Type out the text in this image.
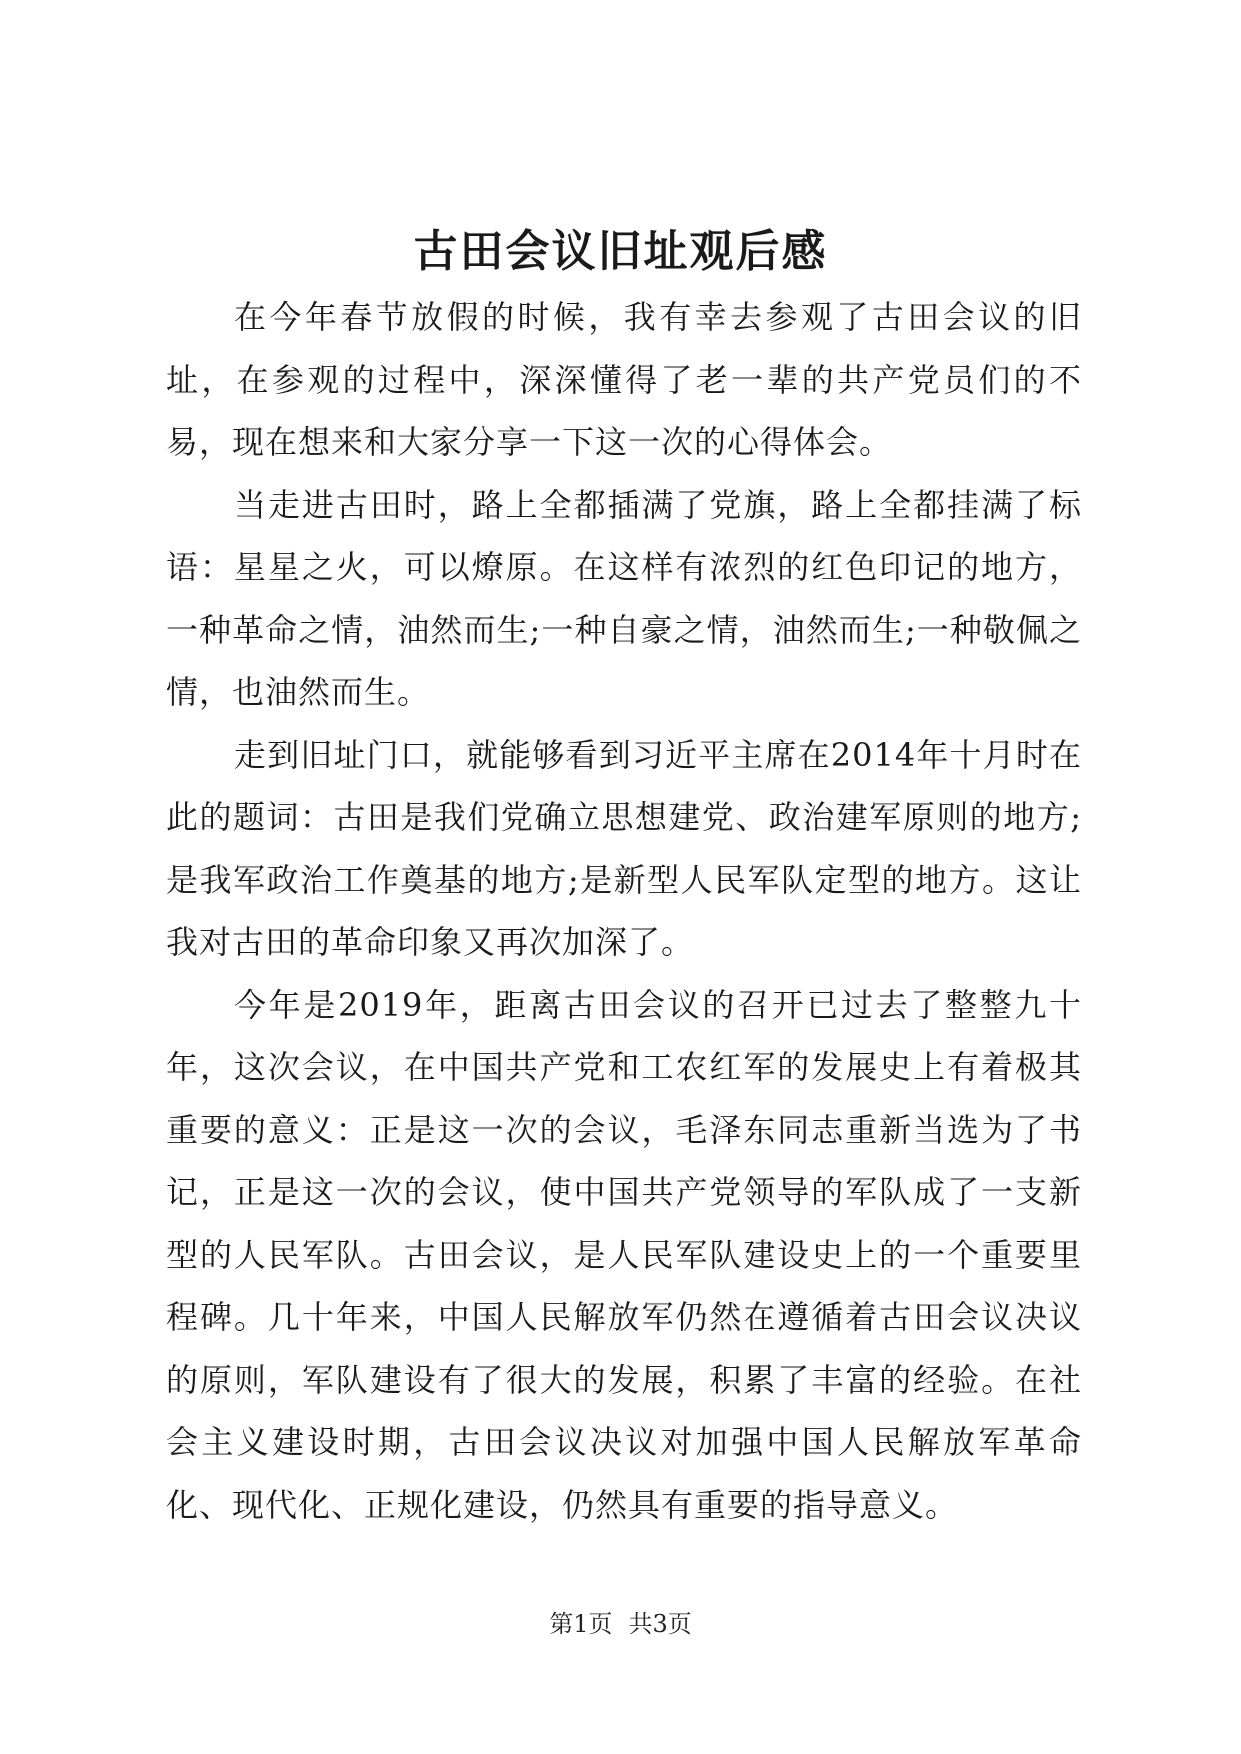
古田会议旧址观后感

在今年春节放假的时候，我有幸去参观了古田会议的旧址，在参观的过程中，深深懂得了老一辈的共产党员们的不易，现在想来和大家分享一下这一次的心得体会。

当走进古田时，路上全都插满了党旗，路上全都挂满了标语：星星之火，可以燎原。在这样有浓烈的红色印记的地方，一种革命之情，油然而生;一种自豪之情，油然而生;一种敬佩之情，也油然而生。

走到旧址门口，就能够看到习近平主席在2014年十月时在此的题词：古田是我们党确立思想建党、政治建军原则的地方;是我军政治工作奠基的地方;是新型人民军队定型的地方。这让我对古田的革命印象又再次加深了。

今年是2019年，距离古田会议的召开已过去了整整九十年，这次会议，在中国共产党和工农红军的发展史上有着极其重要的意义：正是这一次的会议，毛泽东同志重新当选为了书记，正是这一次的会议，使中国共产党领导的军队成了一支新型的人民军队。古田会议，是人民军队建设史上的一个重要里程碑。几十年来，中国人民解放军仍然在遵循着古田会议决议的原则，军队建设有了很大的发展，积累了丰富的经验。在社会主义建设时期，古田会议决议对加强中国人民解放军革命化、现代化、正规化建设，仍然具有重要的指导意义。

第1页 共3页
